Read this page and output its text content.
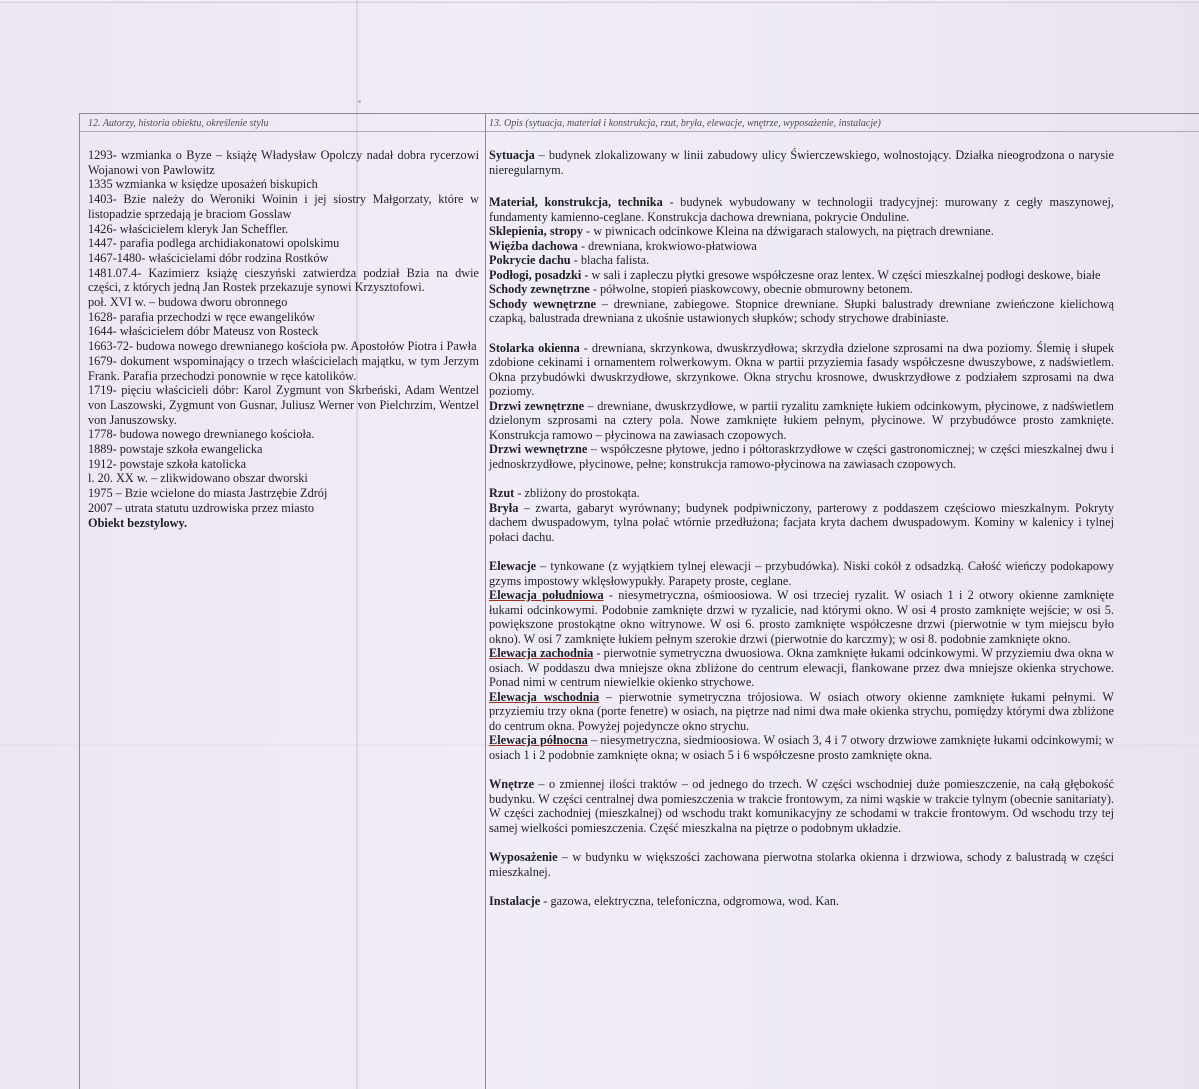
12. Autorzy, historia obiektu, określenie stylu	13. Opis (sytuacja, materiał i konstrukcja, rzut, bryła, elewacje, wnętrze, wyposażenie, instalacje)
1293- wzmianka o Byze – książę Władysław Opolczy nadał dobra rycerzowi Wojanowi von Pawlowitz
1335 wzmianka w księdze uposażeń biskupich
1403- Bzie należy do Weroniki Woinin i jej siostry Małgorzaty, które w listopadzie sprzedają je braciom Gosslaw
1426- właścicielem kleryk Jan Scheffler.
1447- parafia podlega archidiakonatowi opolskimu
1467-1480- właścicielami dóbr rodzina Rostków
1481.07.4- Kazimierz książę cieszyński zatwierdza podział Bzia na dwie części, z których jedną Jan Rostek przekazuje synowi Krzysztofowi.
poł. XVI w. – budowa dworu obronnego
1628- parafia przechodzi w ręce ewangelików
1644- właścicielem dóbr Mateusz von Rosteck
1663-72- budowa nowego drewnianego kościoła pw. Apostołów Piotra i Pawła
1679- dokument wspominający o trzech właścicielach majątku, w tym Jerzym Frank. Parafia przechodzi ponownie w ręce katolików.
1719- pięciu właścicieli dóbr: Karol Zygmunt von Skrbeński, Adam Wentzel von Laszowski, Zygmunt von Gusnar, Juliusz Werner von Pielchrzim, Wentzel von Januszowsky.
1778- budowa nowego drewnianego kościoła.
1889- powstaje szkoła ewangelicka
1912- powstaje szkoła katolicka
l. 20. XX w. – zlikwidowano obszar dworski
1975 – Bzie wcielone do miasta Jastrzębie Zdrój
2007 – utrata statutu uzdrowiska przez miasto
Obiekt bezstylowy.
Sytuacja – budynek zlokalizowany w linii zabudowy ulicy Świerczewskiego, wolnostojący. Działka nieogrodzona o narysie nieregularnym.
Materiał, konstrukcja, technika - budynek wybudowany w technologii tradycyjnej: murowany z cegły maszynowej, fundamenty kamienno-ceglane. Konstrukcja dachowa drewniana, pokrycie Onduline.
Sklepienia, stropy - w piwnicach odcinkowe Kleina na dźwigarach stalowych, na piętrach drewniane.
Więźba dachowa - drewniana, krokwiowo-płatwiowa
Pokrycie dachu - blacha falista.
Podłogi, posadzki - w sali i zapleczu płytki gresowe współczesne oraz lentex. W części mieszkalnej podłogi deskowe, białe
Schody zewnętrzne - półwolne, stopień piaskowcowy, obecnie obmurowny betonem.
Schody wewnętrzne – drewniane, zabiegowe. Stopnice drewniane. Słupki balustrady drewniane zwieńczone kielichową czapką, balustrada drewniana z ukośnie ustawionych słupków; schody strychowe drabiniaste.
Stolarka okienna - drewniana, skrzynkowa, dwuskrzydłowa; skrzydła dzielone szprosami na dwa poziomy. Ślemię i słupek zdobione cekinami i ornamentem rolwerkowym. Okna w partii przyziemia fasady współczesne dwuszybowe, z nadświetlem. Okna przybudówki dwuskrzydłowe, skrzynkowe. Okna strychu krosnowe, dwuskrzydłowe z podziałem szprosami na dwa poziomy.
Drzwi zewnętrzne – drewniane, dwuskrzydłowe, w partii ryzalitu zamknięte łukiem odcinkowym, płycinowe, z nadświetlem dzielonym szprosami na cztery pola. Nowe zamknięte łukiem pełnym, płycinowe. W przybudówce prosto zamknięte. Konstrukcja ramowo – płycinowa na zawiasach czopowych.
Drzwi wewnętrzne – współczesne płytowe, jedno i półtoraskrzydłowe w części gastronomicznej; w części mieszkalnej dwu i jednoskrzydłowe, płycinowe, pełne; konstrukcja ramowo-płycinowa na zawiasach czopowych.
Rzut - zbliżony do prostokąta.
Bryła – zwarta, gabaryt wyrównany; budynek podpiwniczony, parterowy z poddaszem częściowo mieszkalnym. Pokryty dachem dwuspadowym, tylna połać wtórnie przedłużona; facjata kryta dachem dwuspadowym. Kominy w kalenicy i tylnej połaci dachu.
Elewacje – tynkowane (z wyjątkiem tylnej elewacji – przybudówka). Niski cokół z odsadzką. Całość wieńczy podokapowy gzyms impostowy wklęsłowypukły. Parapety proste, ceglane.
Elewacja południowa - niesymetryczna, ośmioosiowa. W osi trzeciej ryzalit. W osiach 1 i 2 otwory okienne zamknięte łukami odcinkowymi. Podobnie zamknięte drzwi w ryzalicie, nad którymi okno. W osi 4 prosto zamknięte wejście; w osi 5. powiększone prostokątne okno witrynowe. W osi 6. prosto zamknięte współczesne drzwi (pierwotnie w tym miejscu było okno). W osi 7 zamknięte łukiem pełnym szerokie drzwi (pierwotnie do karczmy); w osi 8. podobnie zamknięte okno.
Elewacja zachodnia - pierwotnie symetryczna dwuosiowa. Okna zamknięte łukami odcinkowymi. W przyziemiu dwa okna w osiach. W poddaszu dwa mniejsze okna zbliżone do centrum elewacji, flankowane przez dwa mniejsze okienka strychowe. Ponad nimi w centrum niewielkie okienko strychowe.
Elewacja wschodnia – pierwotnie symetryczna trójosiowa. W osiach otwory okienne zamknięte łukami pełnymi. W przyziemiu trzy okna (porte fenetre) w osiach, na piętrze nad nimi dwa małe okienka strychu, pomiędzy którymi dwa zbliżone do centrum okna. Powyżej pojedyncze okno strychu.
Elewacja północna – niesymetryczna, siedmioosiowa. W osiach 3, 4 i 7 otwory drzwiowe zamknięte łukami odcinkowymi; w osiach 1 i 2 podobnie zamknięte okna; w osiach 5 i 6 współczesne prosto zamknięte okna.
Wnętrze – o zmiennej ilości traktów – od jednego do trzech. W części wschodniej duże pomieszczenie, na całą głębokość budynku. W części centralnej dwa pomieszczenia w trakcie frontowym, za nimi wąskie w trakcie tylnym (obecnie sanitariaty). W części zachodniej (mieszkalnej) od wschodu trakt komunikacyjny ze schodami w trakcie frontowym. Od wschodu trzy tej samej wielkości pomieszczenia. Część mieszkalna na piętrze o podobnym układzie.
Wyposażenie – w budynku w większości zachowana pierwotna stolarka okienna i drzwiowa, schody z balustradą w części mieszkalnej.
Instalacje - gazowa, elektryczna, telefoniczna, odgromowa, wod. Kan.
